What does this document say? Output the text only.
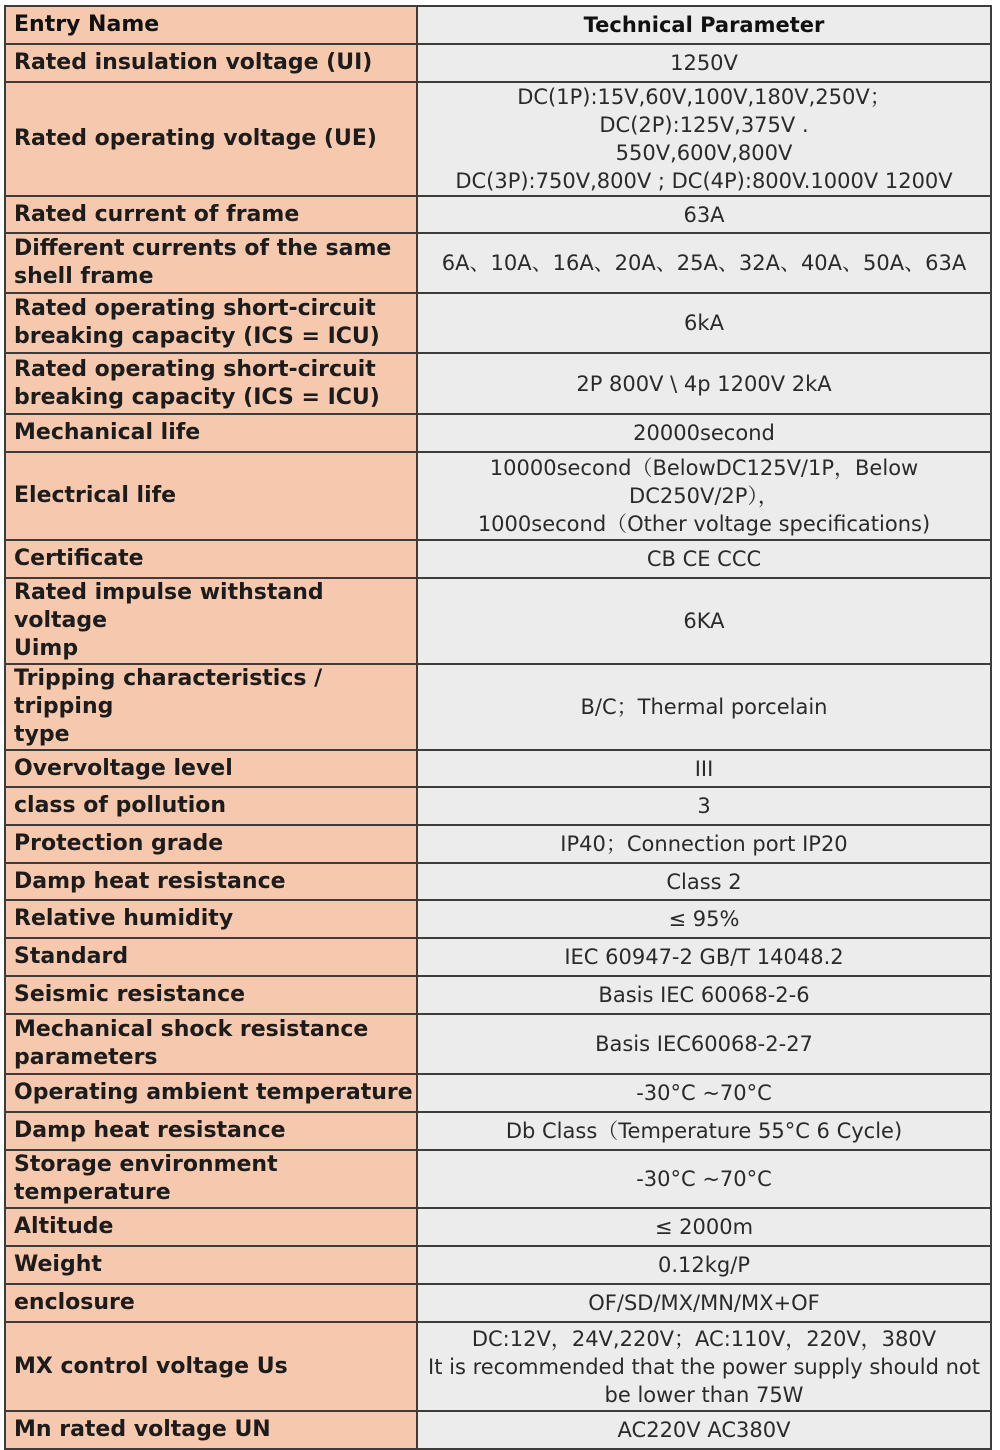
Entry Name	Technical Parameter

Rated insulation voltage (UI)	1250V

Rated operating voltage (UE)	DC(1P):15V,60V,100V,180V,250V； DC(2P):125V,375V .
550V,600V,800V
DC(3P):750V,800V ; DC(4P):800V.1000V 1200V

Rated current of frame	63A

Different currents of the same
shell frame	6A、10A、16A、20A、25A、32A、40A、50A、63A

Rated operating short-circuit
breaking capacity (ICS = ICU)	6kA

Rated operating short-circuit
breaking capacity (ICS = ICU)	2P 800V \ 4p 1200V 2kA

Mechanical life	20000second

Electrical life	10000second（BelowDC125V/1P，Below
DC250V/2P），
1000second（Other voltage specifications)

Certificate	CB CE CCC

Rated impulse withstand voltage
Uimp	6KA

Tripping characteristics / tripping
type	B/C；Thermal porcelain

Overvoltage level	III

class of pollution	3

Protection grade	IP40；Connection port IP20

Damp heat resistance	Class 2

Relative humidity	≤ 95%

Standard	IEC 60947-2 GB/T 14048.2

Seismic resistance	Basis IEC 60068-2-6

Mechanical shock resistance
parameters	Basis IEC60068-2-27

Operating ambient temperature	-30°C ~70°C

Damp heat resistance	Db Class（Temperature 55°C 6 Cycle)

Storage environment temperature	-30°C ~70°C

Altitude	≤ 2000m

Weight	0.12kg/P

enclosure	OF/SD/MX/MN/MX+OF

MX control voltage Us	DC:12V，24V,220V；AC:110V，220V，380V
It is recommended that the power supply should not
be lower than 75W

Mn rated voltage UN	AC220V AC380V
